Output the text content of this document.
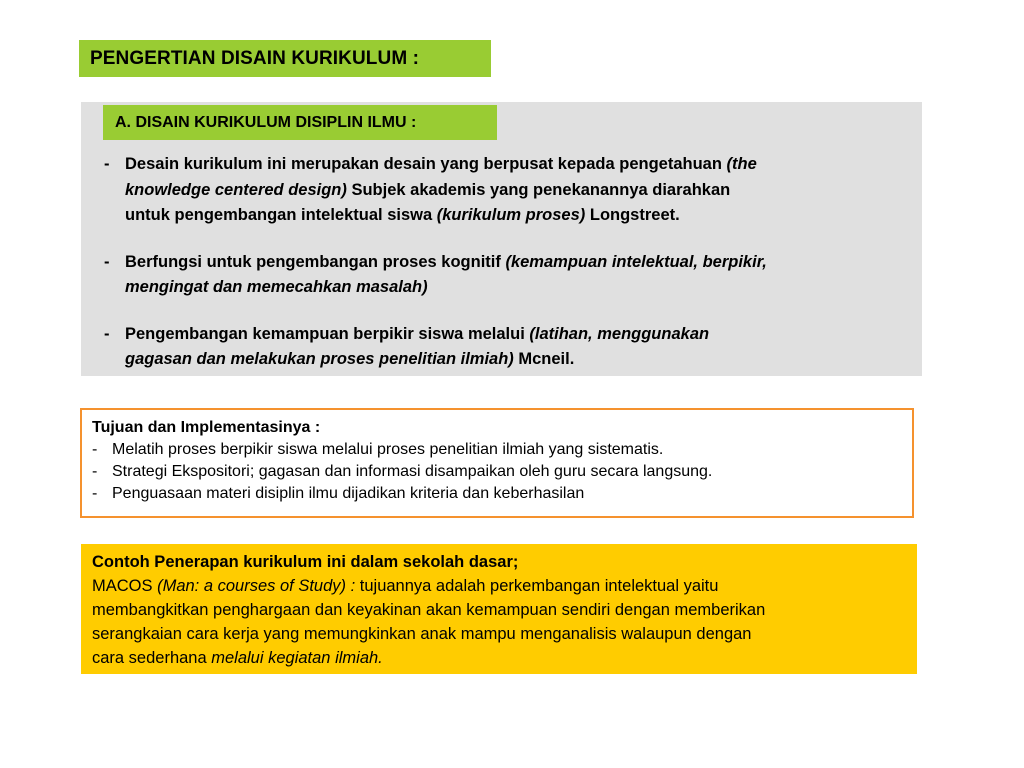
PENGERTIAN DISAIN KURIKULUM :
A. DISAIN KURIKULUM DISIPLIN ILMU :
- Desain kurikulum ini merupakan desain yang berpusat kepada pengetahuan (the
knowledge centered design) Subjek akademis yang penekanannya diarahkan
untuk pengembangan intelektual siswa (kurikulum proses) Longstreet.
- Berfungsi untuk pengembangan proses kognitif (kemampuan intelektual, berpikir,
mengingat dan memecahkan masalah)
- Pengembangan kemampuan berpikir siswa melalui (latihan, menggunakan
gagasan dan melakukan proses penelitian ilmiah) Mcneil.
Tujuan dan Implementasinya :
- Melatih proses berpikir siswa melalui proses penelitian ilmiah yang sistematis.
- Strategi Ekspositori; gagasan dan informasi disampaikan oleh guru secara langsung.
- Penguasaan materi disiplin ilmu dijadikan kriteria dan keberhasilan
Contoh Penerapan kurikulum ini dalam sekolah dasar;
MACOS (Man: a courses of Study) : tujuannya adalah perkembangan intelektual yaitu
membangkitkan penghargaan dan keyakinan akan kemampuan sendiri dengan memberikan
serangkaian cara kerja yang memungkinkan anak mampu menganalisis walaupun dengan
cara sederhana melalui kegiatan ilmiah.
